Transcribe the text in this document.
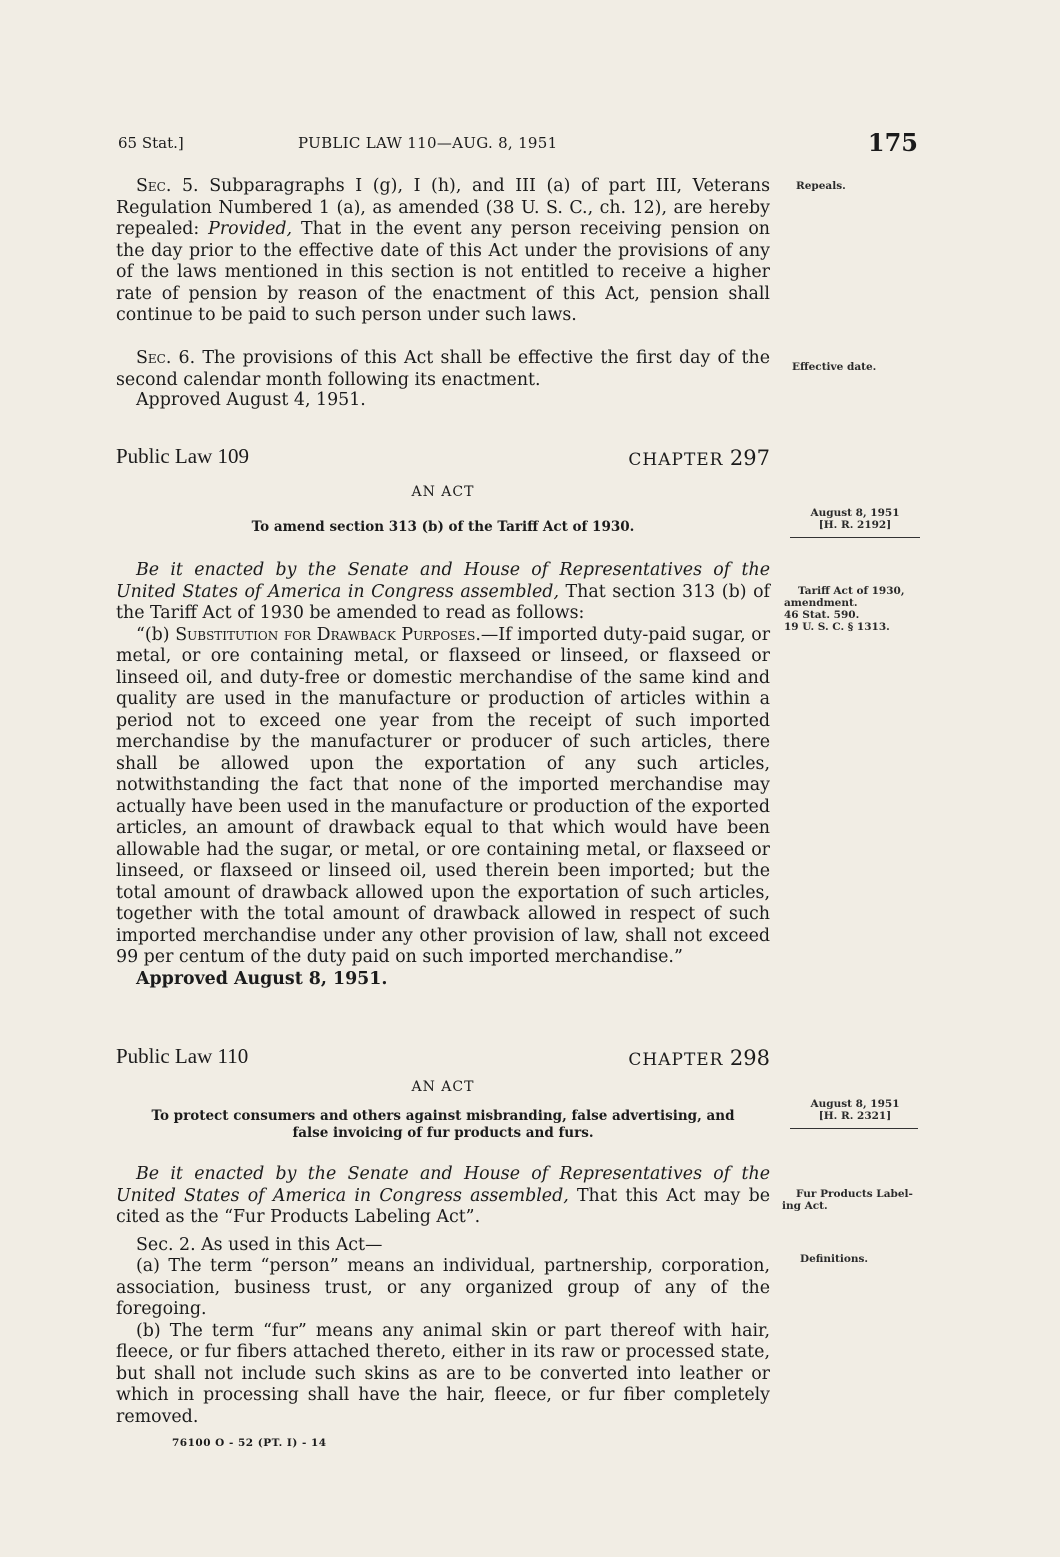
65 Stat.]	PUBLIC LAW 110—AUG. 8, 1951	175

Sec. 5. Subparagraphs I (g), I (h), and III (a) of part III, Veterans Regulation Numbered 1 (a), as amended (38 U. S. C., ch. 12), are hereby repealed: Provided, That in the event any person receiving pension on the day prior to the effective date of this Act under the provisions of any of the laws mentioned in this section is not entitled to receive a higher rate of pension by reason of the enactment of this Act, pension shall continue to be paid to such person under such laws.

Sec. 6. The provisions of this Act shall be effective the first day of the second calendar month following its enactment.

Approved August 4, 1951.

Public Law 109	CHAPTER 297
AN ACT
To amend section 313 (b) of the Tariff Act of 1930.

Be it enacted by the Senate and House of Representatives of the United States of America in Congress assembled, That section 313 (b) of the Tariff Act of 1930 be amended to read as follows:

“(b) Substitution for Drawback Purposes.—If imported duty-paid sugar, or metal, or ore containing metal, or flaxseed or linseed, or flaxseed or linseed oil, and duty-free or domestic merchandise of the same kind and quality are used in the manufacture or production of articles within a period not to exceed one year from the receipt of such imported merchandise by the manufacturer or producer of such articles, there shall be allowed upon the exportation of any such articles, notwithstanding the fact that none of the imported merchandise may actually have been used in the manufacture or production of the exported articles, an amount of drawback equal to that which would have been allowable had the sugar, or metal, or ore containing metal, or flaxseed or linseed, or flaxseed or linseed oil, used therein been imported; but the total amount of drawback allowed upon the exportation of such articles, together with the total amount of drawback allowed in respect of such imported merchandise under any other provision of law, shall not exceed 99 per centum of the duty paid on such imported merchandise.”

Approved August 8, 1951.

Public Law 110	CHAPTER 298
AN ACT
To protect consumers and others against misbranding, false advertising, and
false invoicing of fur products and furs.

Be it enacted by the Senate and House of Representatives of the United States of America in Congress assembled, That this Act may be cited as the “Fur Products Labeling Act”.

Sec. 2. As used in this Act—

(a) The term “person” means an individual, partnership, corporation, association, business trust, or any organized group of any of the foregoing.

(b) The term “fur” means any animal skin or part thereof with hair, fleece, or fur fibers attached thereto, either in its raw or processed state, but shall not include such skins as are to be converted into leather or which in processing shall have the hair, fleece, or fur fiber completely removed.

Repeals.
Effective date.
August 8, 1951
[H. R. 2192]
Tariff Act of 1930,
amendment.
46 Stat. 590.
19 U. S. C. § 1313.
August 8, 1951
[H. R. 2321]
Fur Products Label-
ing Act.
Definitions.
76100 O - 52 (PT. I) - 14
